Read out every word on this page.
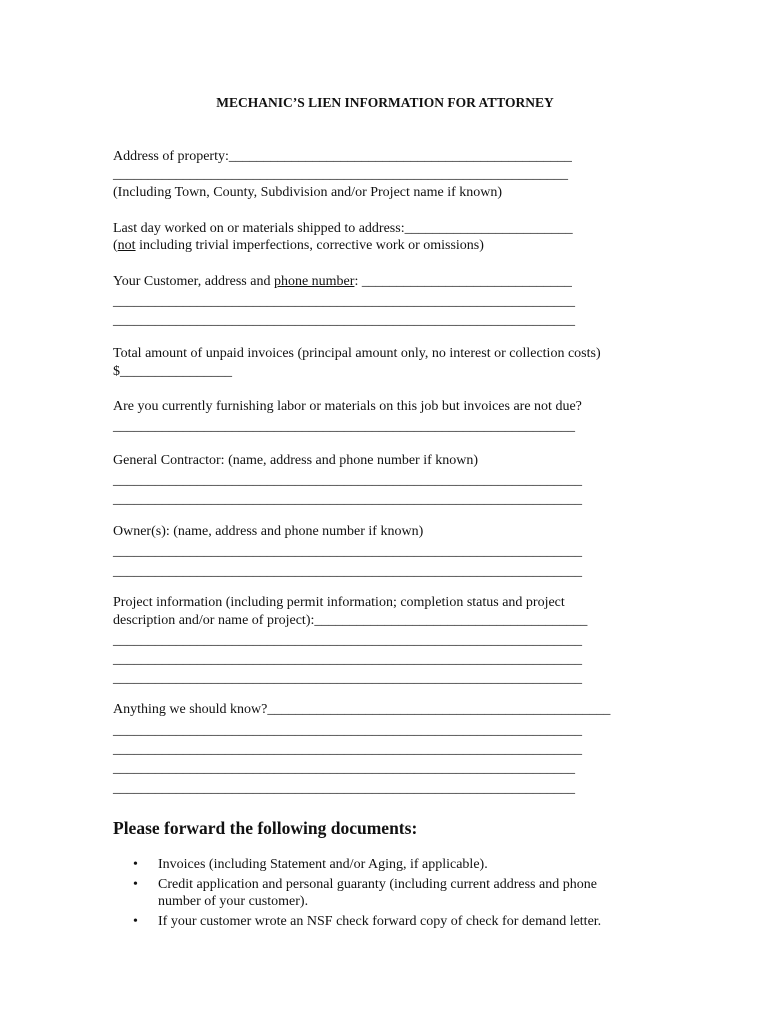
MECHANIC’S LIEN INFORMATION FOR ATTORNEY
Address of property:_________________________________________________
_________________________________________________________________
(Including Town, County, Subdivision and/or Project name if known)
Last day worked on or materials shipped to address:________________________
(not including trivial imperfections, corrective work or omissions)
Your Customer, address and phone number: ______________________________
__________________________________________________________________
__________________________________________________________________
Total amount of unpaid invoices (principal amount only, no interest or collection costs)
$________________
Are you currently furnishing labor or materials on this job but invoices are not due?
__________________________________________________________________
General Contractor: (name, address and phone number if known)
___________________________________________________________________
___________________________________________________________________
Owner(s): (name, address and phone number if known)
___________________________________________________________________
___________________________________________________________________
Project information (including permit information; completion status and project
description and/or name of project):_______________________________________
___________________________________________________________________
___________________________________________________________________
___________________________________________________________________
Anything we should know?_________________________________________________
___________________________________________________________________
___________________________________________________________________
__________________________________________________________________
__________________________________________________________________
Please forward the following documents:
• Invoices (including Statement and/or Aging, if applicable).
• Credit application and personal guaranty (including current address and phone
number of your customer).
• If your customer wrote an NSF check forward copy of check for demand letter.
